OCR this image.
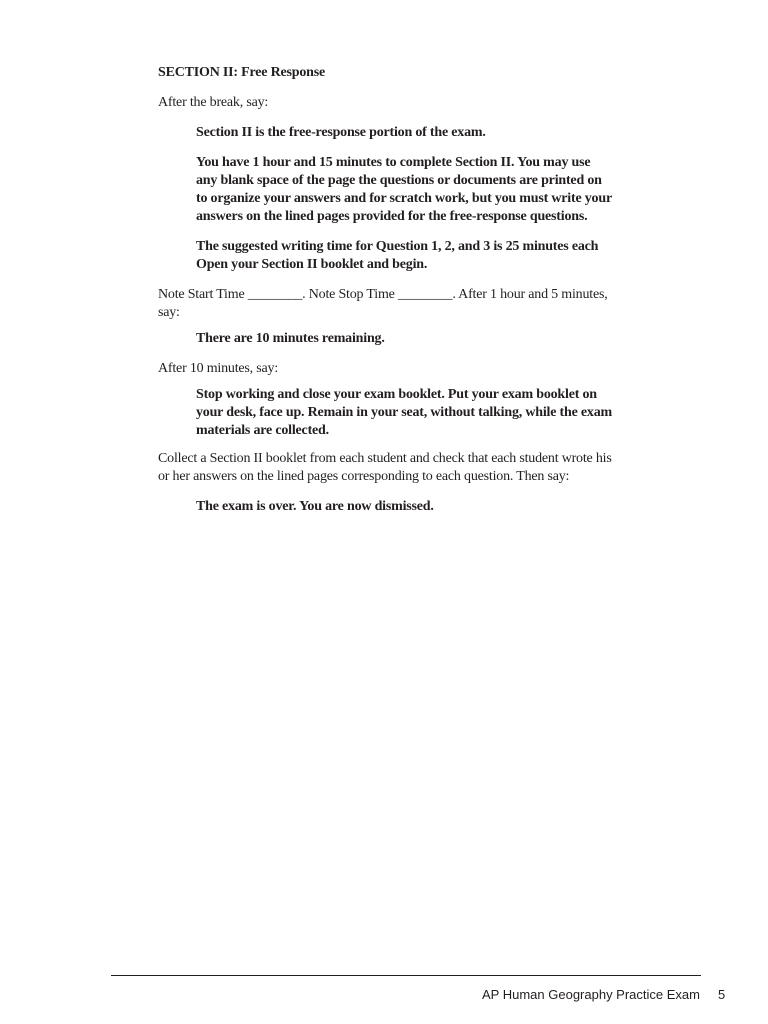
SECTION II: Free Response

After the break, say:

Section II is the free-response portion of the exam.

You have 1 hour and 15 minutes to complete Section II. You may use any blank space of the page the questions or documents are printed on to organize your answers and for scratch work, but you must write your answers on the lined pages provided for the free-response questions.

The suggested writing time for Question 1, 2, and 3 is 25 minutes each Open your Section II booklet and begin.

Note Start Time ________. Note Stop Time ________. After 1 hour and 5 minutes, say:

There are 10 minutes remaining.

After 10 minutes, say:

Stop working and close your exam booklet. Put your exam booklet on your desk, face up. Remain in your seat, without talking, while the exam materials are collected.

Collect a Section II booklet from each student and check that each student wrote his or her answers on the lined pages corresponding to each question. Then say:

The exam is over. You are now dismissed.

AP Human Geography Practice Exam 5
